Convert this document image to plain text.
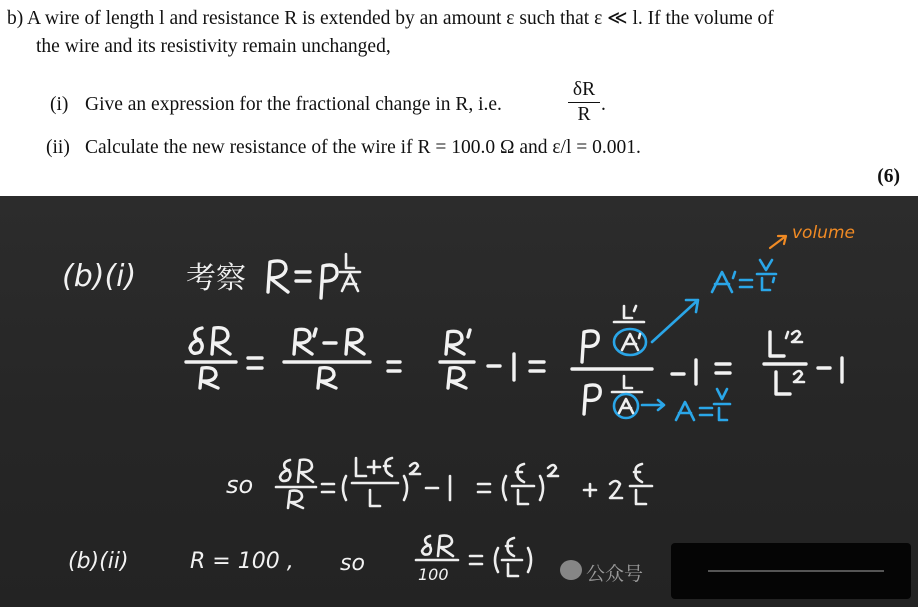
b) A wire of length l and resistance R is extended by an amount ε such that ε ≪ l. If the volume of
the wire and its resistivity remain unchanged,
(i) Give an expression for the fractional change in R, i.e.	$\frac{\delta R}{R}$ .
(ii) Calculate the new resistance of the wire if R = 100.0 Ω and ε/l = 0.001.
(6)
(b)(i) 考察
volume
so
(b)(ii)	R = 100 , so	100	公众号
